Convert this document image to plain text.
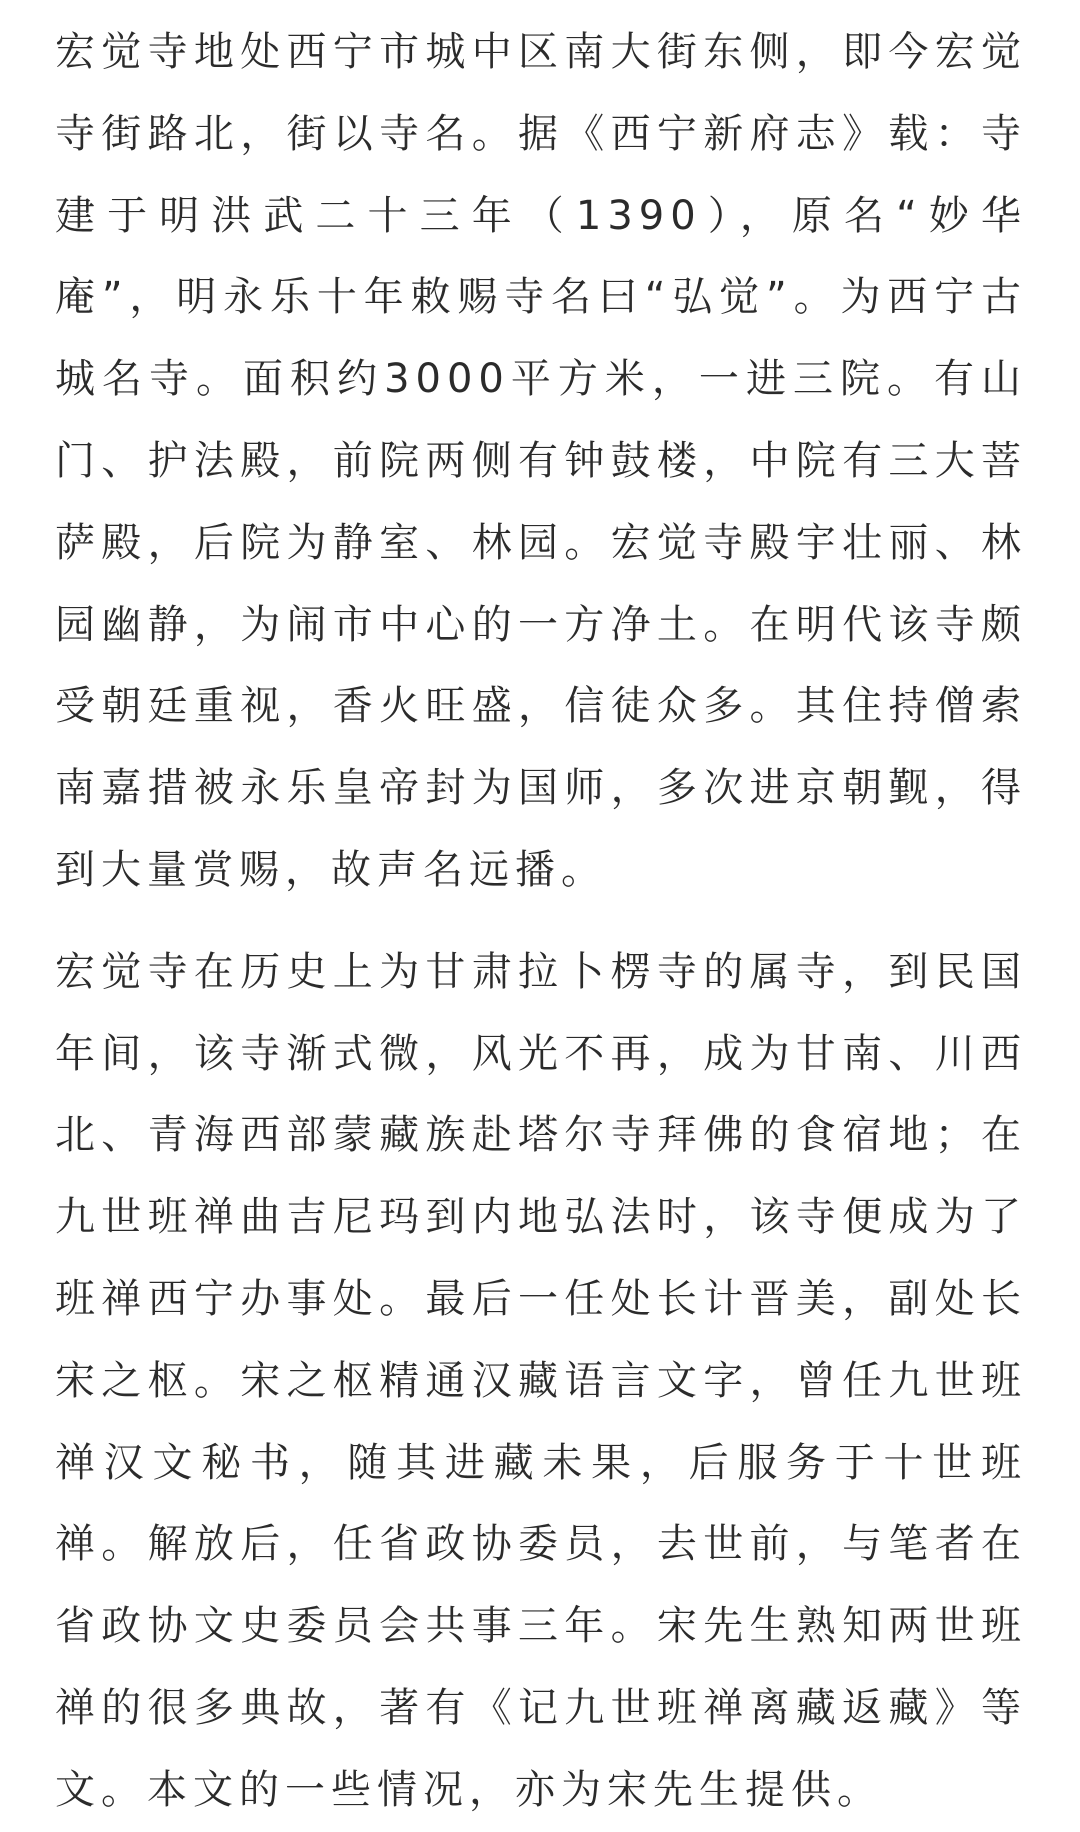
宏觉寺地处西宁市城中区南大街东侧，即今宏觉
寺街路北，街以寺名。据《西宁新府志》载：寺
建于明洪武二十三年（1390），原名“妙华
庵”，明永乐十年敕赐寺名曰“弘觉”。为西宁古
城名寺。面积约3000平方米，一进三院。有山
门、护法殿，前院两侧有钟鼓楼，中院有三大菩
萨殿，后院为静室、林园。宏觉寺殿宇壮丽、林
园幽静，为闹市中心的一方净土。在明代该寺颇
受朝廷重视，香火旺盛，信徒众多。其住持僧索
南嘉措被永乐皇帝封为国师，多次进京朝觐，得
到大量赏赐，故声名远播。
宏觉寺在历史上为甘肃拉卜楞寺的属寺，到民国
年间，该寺渐式微，风光不再，成为甘南、川西
北、青海西部蒙藏族赴塔尔寺拜佛的食宿地；在
九世班禅曲吉尼玛到内地弘法时，该寺便成为了
班禅西宁办事处。最后一任处长计晋美，副处长
宋之枢。宋之枢精通汉藏语言文字，曾任九世班
禅汉文秘书，随其进藏未果，后服务于十世班
禅。解放后，任省政协委员，去世前，与笔者在
省政协文史委员会共事三年。宋先生熟知两世班
禅的很多典故，著有《记九世班禅离藏返藏》等
文。本文的一些情况，亦为宋先生提供。
